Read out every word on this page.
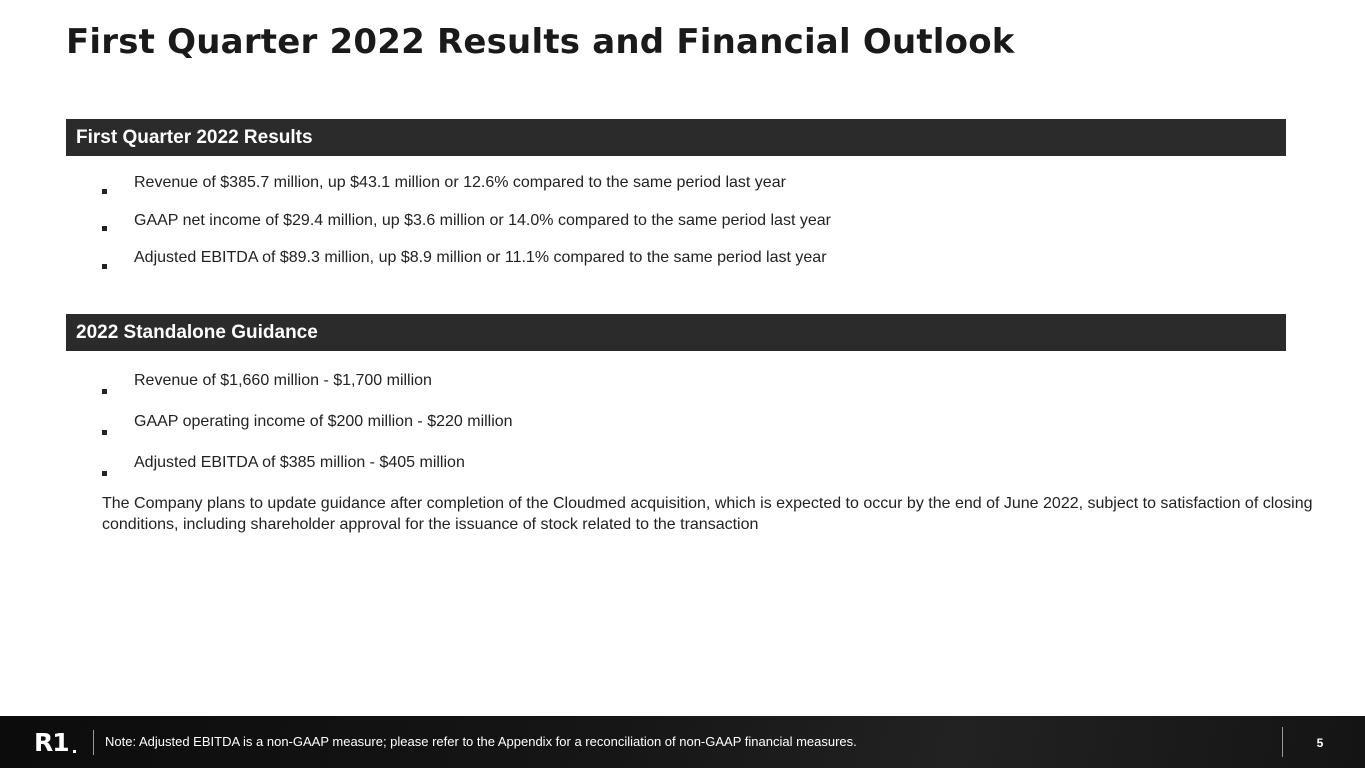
First Quarter 2022 Results and Financial Outlook
First Quarter 2022 Results
Revenue of $385.7 million, up $43.1 million or 12.6% compared to the same period last year
GAAP net income of $29.4 million, up $3.6 million or 14.0% compared to the same period last year
Adjusted EBITDA of $89.3 million, up $8.9 million or 11.1% compared to the same period last year
2022 Standalone Guidance
Revenue of $1,660 million - $1,700 million
GAAP operating income of $200 million - $220 million
Adjusted EBITDA of $385 million - $405 million

The Company plans to update guidance after completion of the Cloudmed acquisition, which is expected to occur by the end of June 2022, subject to satisfaction of closing conditions, including shareholder approval for the issuance of stock related to the transaction

R1	Note: Adjusted EBITDA is a non-GAAP measure; please refer to the Appendix for a reconciliation of non-GAAP financial measures.	5
